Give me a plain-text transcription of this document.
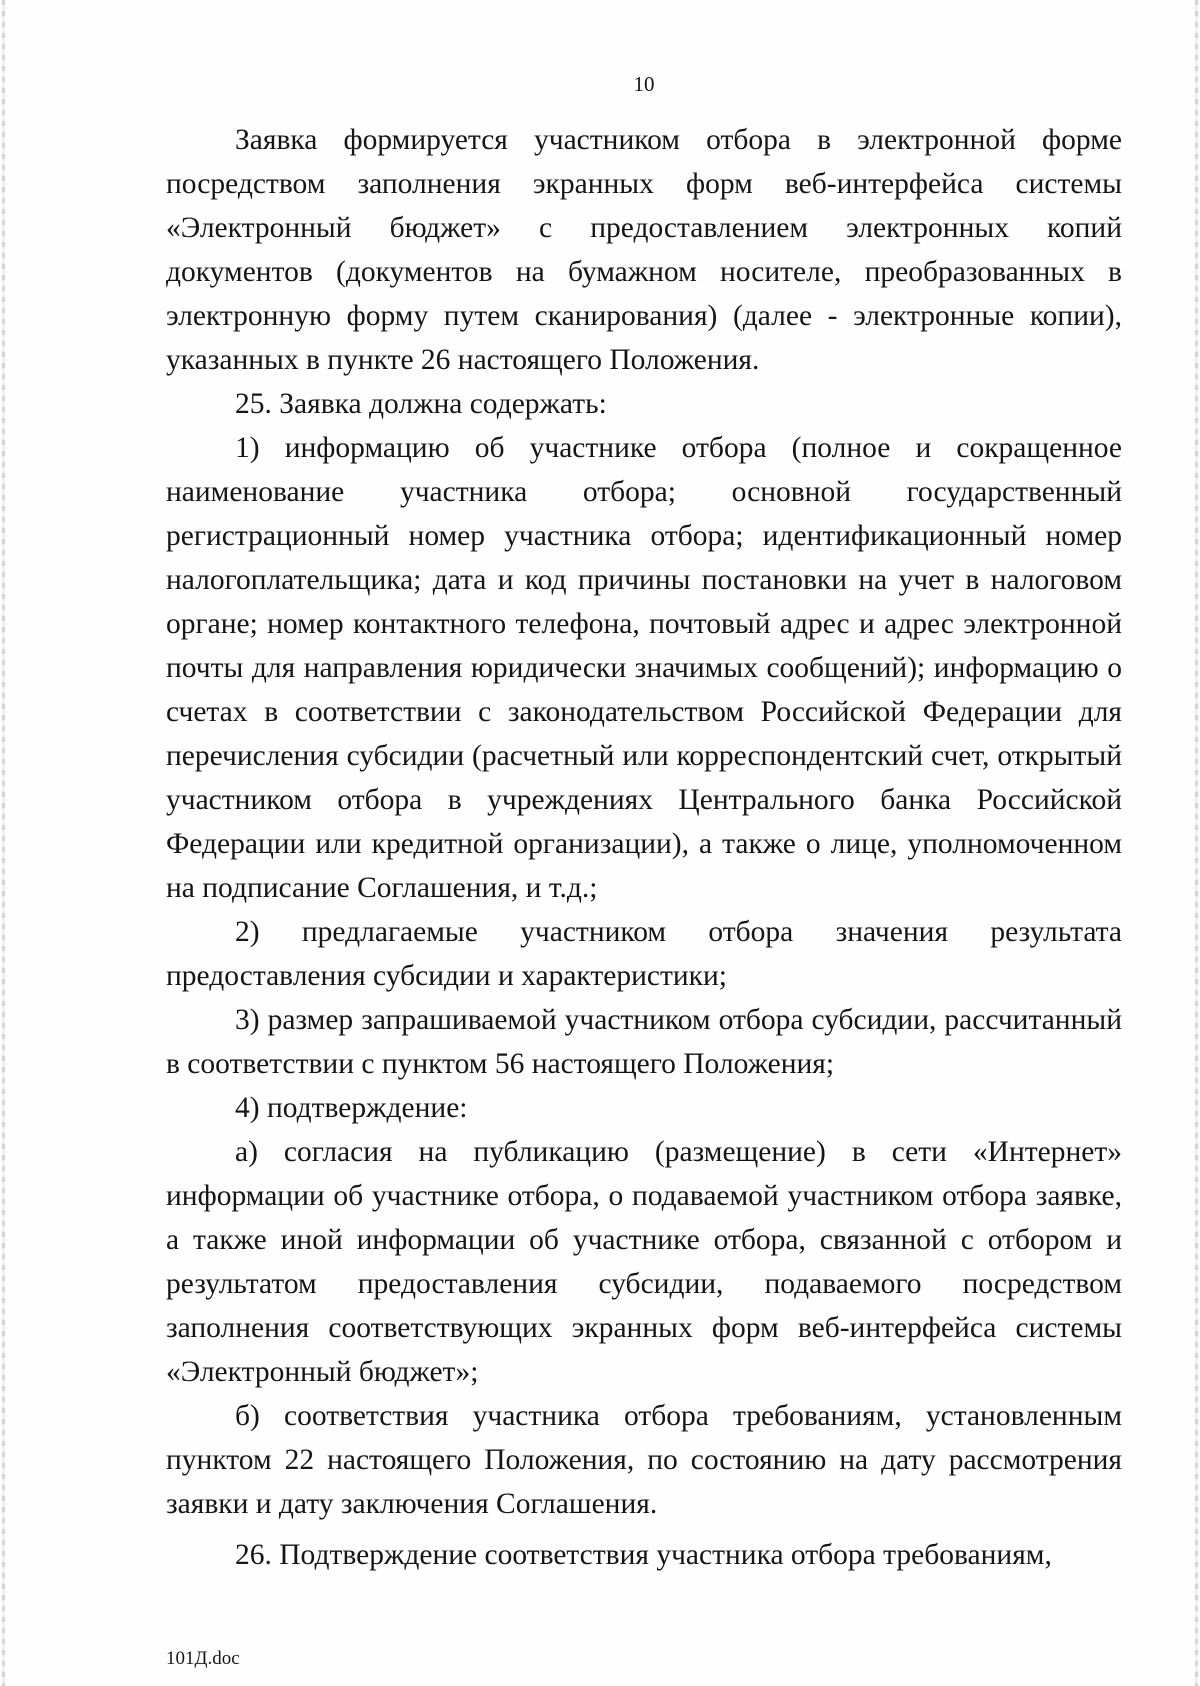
10

Заявка формируется участником отбора в электронной форме посредством заполнения экранных форм веб-интерфейса системы «Электронный бюджет» с предоставлением электронных копий документов (документов на бумажном носителе, преобразованных в электронную форму путем сканирования) (далее - электронные копии), указанных в пункте 26 настоящего Положения.

25. Заявка должна содержать:

1) информацию об участнике отбора (полное и сокращенное наименование участника отбора; основной государственный регистрационный номер участника отбора; идентификационный номер налогоплательщика; дата и код причины постановки на учет в налоговом органе; номер контактного телефона, почтовый адрес и адрес электронной почты для направления юридически значимых сообщений); информацию о счетах в соответствии с законодательством Российской Федерации для перечисления субсидии (расчетный или корреспондентский счет, открытый участником отбора в учреждениях Центрального банка Российской Федерации или кредитной организации), а также о лице, уполномоченном на подписание Соглашения, и т.д.;

2) предлагаемые участником отбора значения результата предоставления субсидии и характеристики;

3) размер запрашиваемой участником отбора субсидии, рассчитанный в соответствии с пунктом 56 настоящего Положения;

4) подтверждение:

а) согласия на публикацию (размещение) в сети «Интернет» информации об участнике отбора, о подаваемой участником отбора заявке, а также иной информации об участнике отбора, связанной с отбором и результатом предоставления субсидии, подаваемого посредством заполнения соответствующих экранных форм веб-интерфейса системы «Электронный бюджет»;

б) соответствия участника отбора требованиям, установленным пунктом 22 настоящего Положения, по состоянию на дату рассмотрения заявки и дату заключения Соглашения.

26. Подтверждение соответствия участника отбора требованиям,

101Д.doc
